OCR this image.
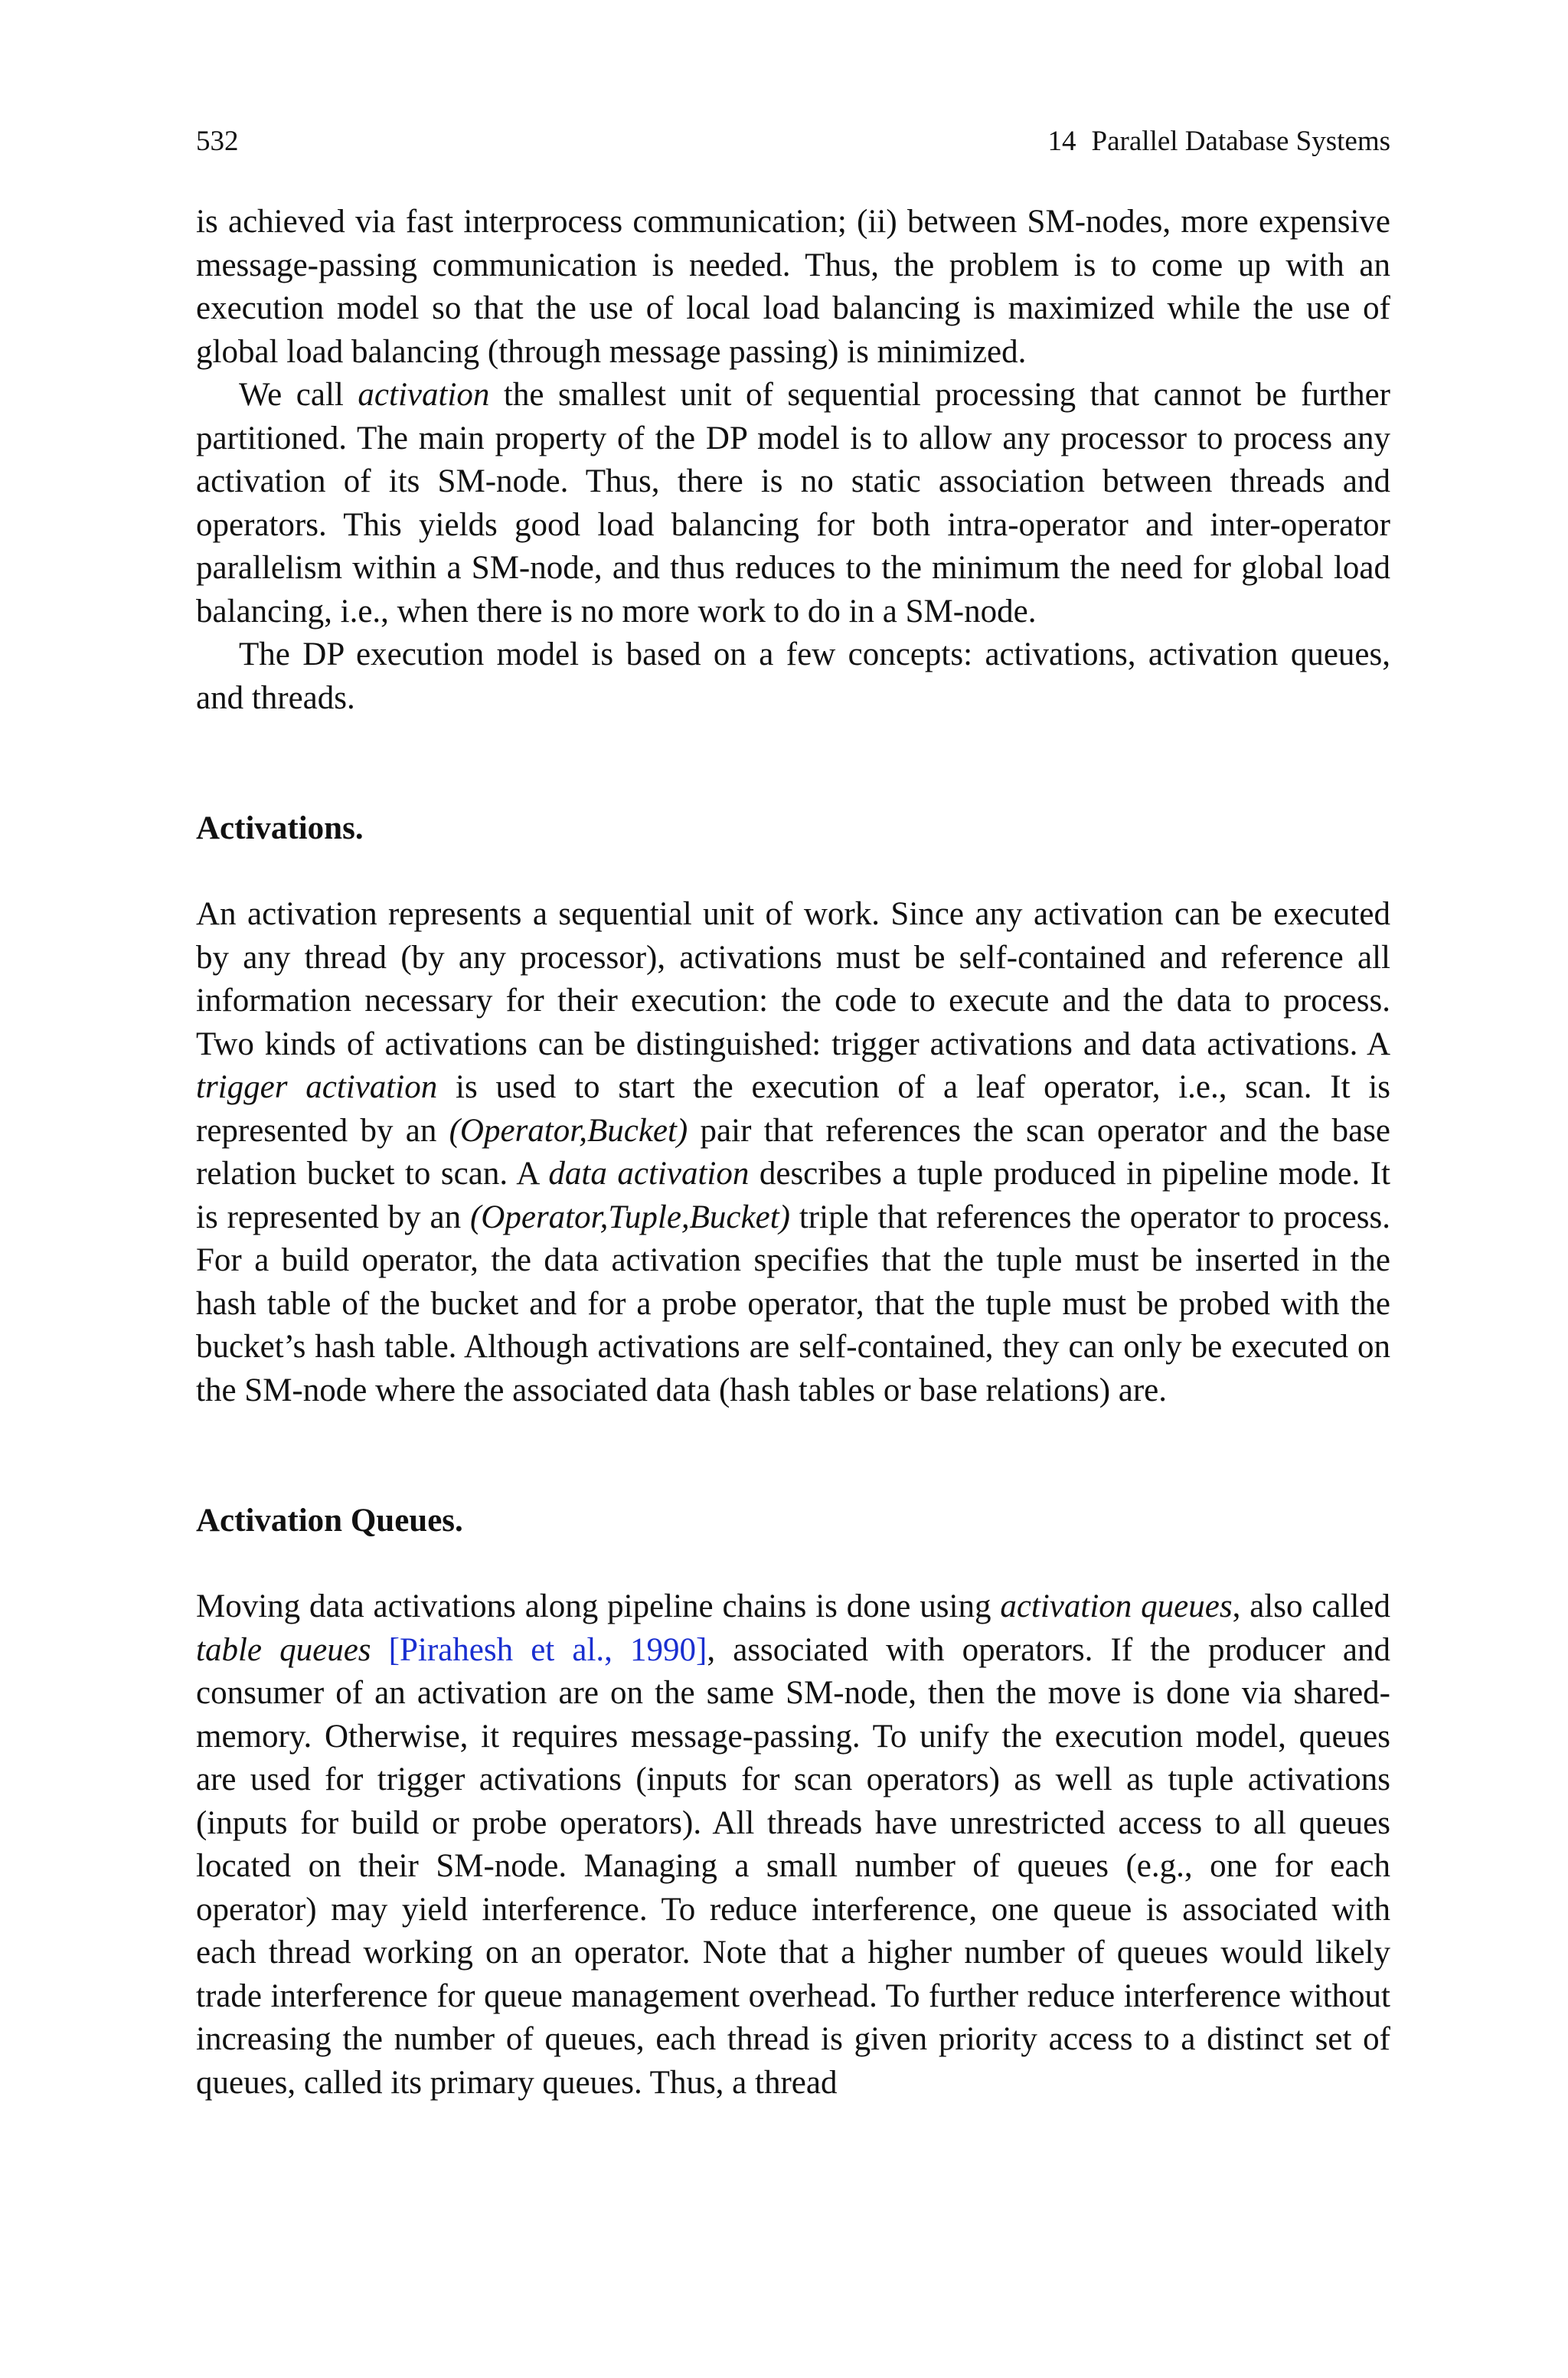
532	14 Parallel Database Systems

is achieved via fast interprocess communication; (ii) between SM-nodes, more expensive message-passing communication is needed. Thus, the problem is to come up with an execution model so that the use of local load balancing is maximized while the use of global load balancing (through message passing) is minimized.

We call activation the smallest unit of sequential processing that cannot be further partitioned. The main property of the DP model is to allow any processor to process any activation of its SM-node. Thus, there is no static association between threads and operators. This yields good load balancing for both intra-operator and inter-operator parallelism within a SM-node, and thus reduces to the minimum the need for global load balancing, i.e., when there is no more work to do in a SM-node.

The DP execution model is based on a few concepts: activations, activation queues, and threads.

Activations.

An activation represents a sequential unit of work. Since any activation can be executed by any thread (by any processor), activations must be self-contained and reference all information necessary for their execution: the code to execute and the data to process. Two kinds of activations can be distinguished: trigger activations and data activations. A trigger activation is used to start the execution of a leaf operator, i.e., scan. It is represented by an (Operator,Bucket) pair that references the scan operator and the base relation bucket to scan. A data activation describes a tuple produced in pipeline mode. It is represented by an (Operator,Tuple,Bucket) triple that references the operator to process. For a build operator, the data activation specifies that the tuple must be inserted in the hash table of the bucket and for a probe operator, that the tuple must be probed with the bucket’s hash table. Although activations are self-contained, they can only be executed on the SM-node where the associated data (hash tables or base relations) are.

Activation Queues.

Moving data activations along pipeline chains is done using activation queues, also called table queues [Pirahesh et al., 1990], associated with operators. If the producer and consumer of an activation are on the same SM-node, then the move is done via shared-memory. Otherwise, it requires message-passing. To unify the execution model, queues are used for trigger activations (inputs for scan operators) as well as tuple activations (inputs for build or probe operators). All threads have unrestricted access to all queues located on their SM-node. Managing a small number of queues (e.g., one for each operator) may yield interference. To reduce interference, one queue is associated with each thread working on an operator. Note that a higher number of queues would likely trade interference for queue management overhead. To further reduce interference without increasing the number of queues, each thread is given priority access to a distinct set of queues, called its primary queues. Thus, a thread
